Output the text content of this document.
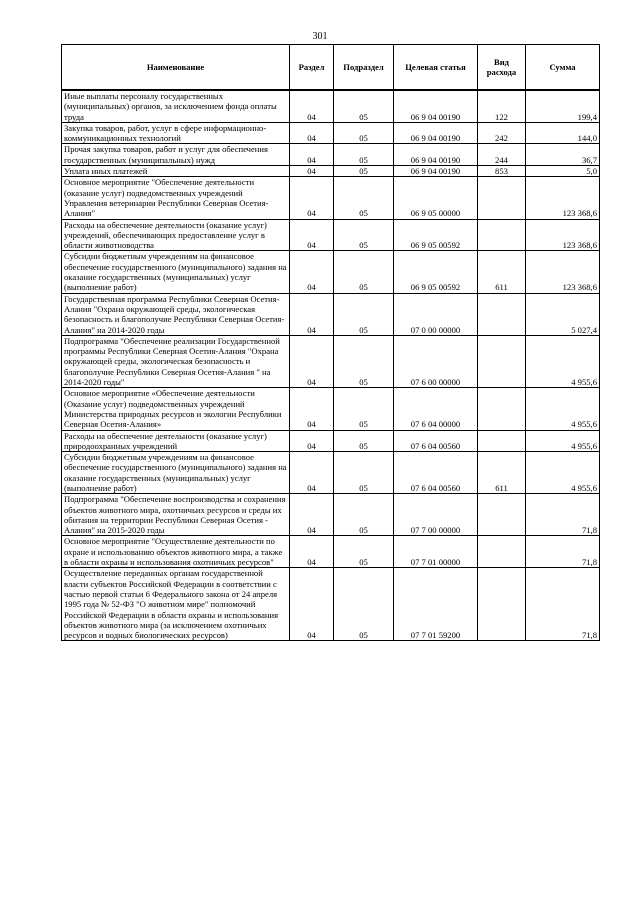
301
Наименование	Раздел	Подраздел	Целевая статья	Вид расхода	Сумма
Иные выплаты персоналу государственных (муниципальных) органов, за исключением фонда оплаты труда	04	05	06 9 04 00190	122	199,4
Закупка товаров, работ, услуг в сфере информационно-коммуникационных технологий	04	05	06 9 04 00190	242	144,0
Прочая закупка товаров, работ и услуг для обеспечения государственных (муниципальных) нужд	04	05	06 9 04 00190	244	36,7
Уплата иных платежей	04	05	06 9 04 00190	853	5,0
Основное мероприятие "Обеспечение деятельности (оказание услуг) подведомственных учреждений Управления ветеринарии Республики Северная Осетия-Алания"	04	05	06 9 05 00000		123 368,6
Расходы на обеспечение деятельности (оказание услуг) учреждений, обеспечивающих предоставление услуг в области животноводства	04	05	06 9 05 00592		123 368,6
Субсидии бюджетным учреждениям на финансовое обеспечение государственного (муниципального) задания на оказание государственных (муниципальных) услуг (выполнение работ)	04	05	06 9 05 00592	611	123 368,6
Государственная программа Республики Северная Осетия-Алания "Охрана окружающей среды, экологическая безопасность и благополучие Республики Северная Осетия-Алания" на 2014-2020 годы	04	05	07 0 00 00000		5 027,4
Подпрограмма "Обеспечение реализации Государственной программы Республики Северная Осетия-Алания "Охрана окружающей среды, экологическая безопасность и благополучие Республики Северная Осетия-Алания " на 2014-2020 годы"	04	05	07 6 00 00000		4 955,6
Основное мероприятие «Обеспечение деятельности (Оказание услуг) подведомственных учреждений Министерства природных ресурсов и экологии Республики Северная Осетия-Алания»	04	05	07 6 04 00000		4 955,6
Расходы на обеспечение деятельности (оказание услуг) природоохранных учреждений	04	05	07 6 04 00560		4 955,6
Субсидии бюджетным учреждениям на финансовое обеспечение государственного (муниципального) задания на оказание государственных (муниципальных) услуг (выполнение работ)	04	05	07 6 04 00560	611	4 955,6
Подпрограмма "Обеспечение воспроизводства и сохранения объектов животного мира, охотничьих ресурсов и среды их обитания на территории Республики Северная Осетия - Алания" на 2015-2020 годы	04	05	07 7 00 00000		71,8
Основное мероприятие "Осуществление деятельности по охране и использованию объектов животного мира, а также в области охраны и использования охотничьих ресурсов"	04	05	07 7 01 00000		71,8
Осуществление переданных органам государственной власти субъектов Российской Федерации в соответствии с частью первой статьи 6 Федерального закона от 24 апреля 1995 года № 52-ФЗ "О животном мире" полномочий Российской Федерации в области охраны и использования объектов животного мира (за исключением охотничьих ресурсов и водных биологических ресурсов)	04	05	07 7 01 59200		71,8
